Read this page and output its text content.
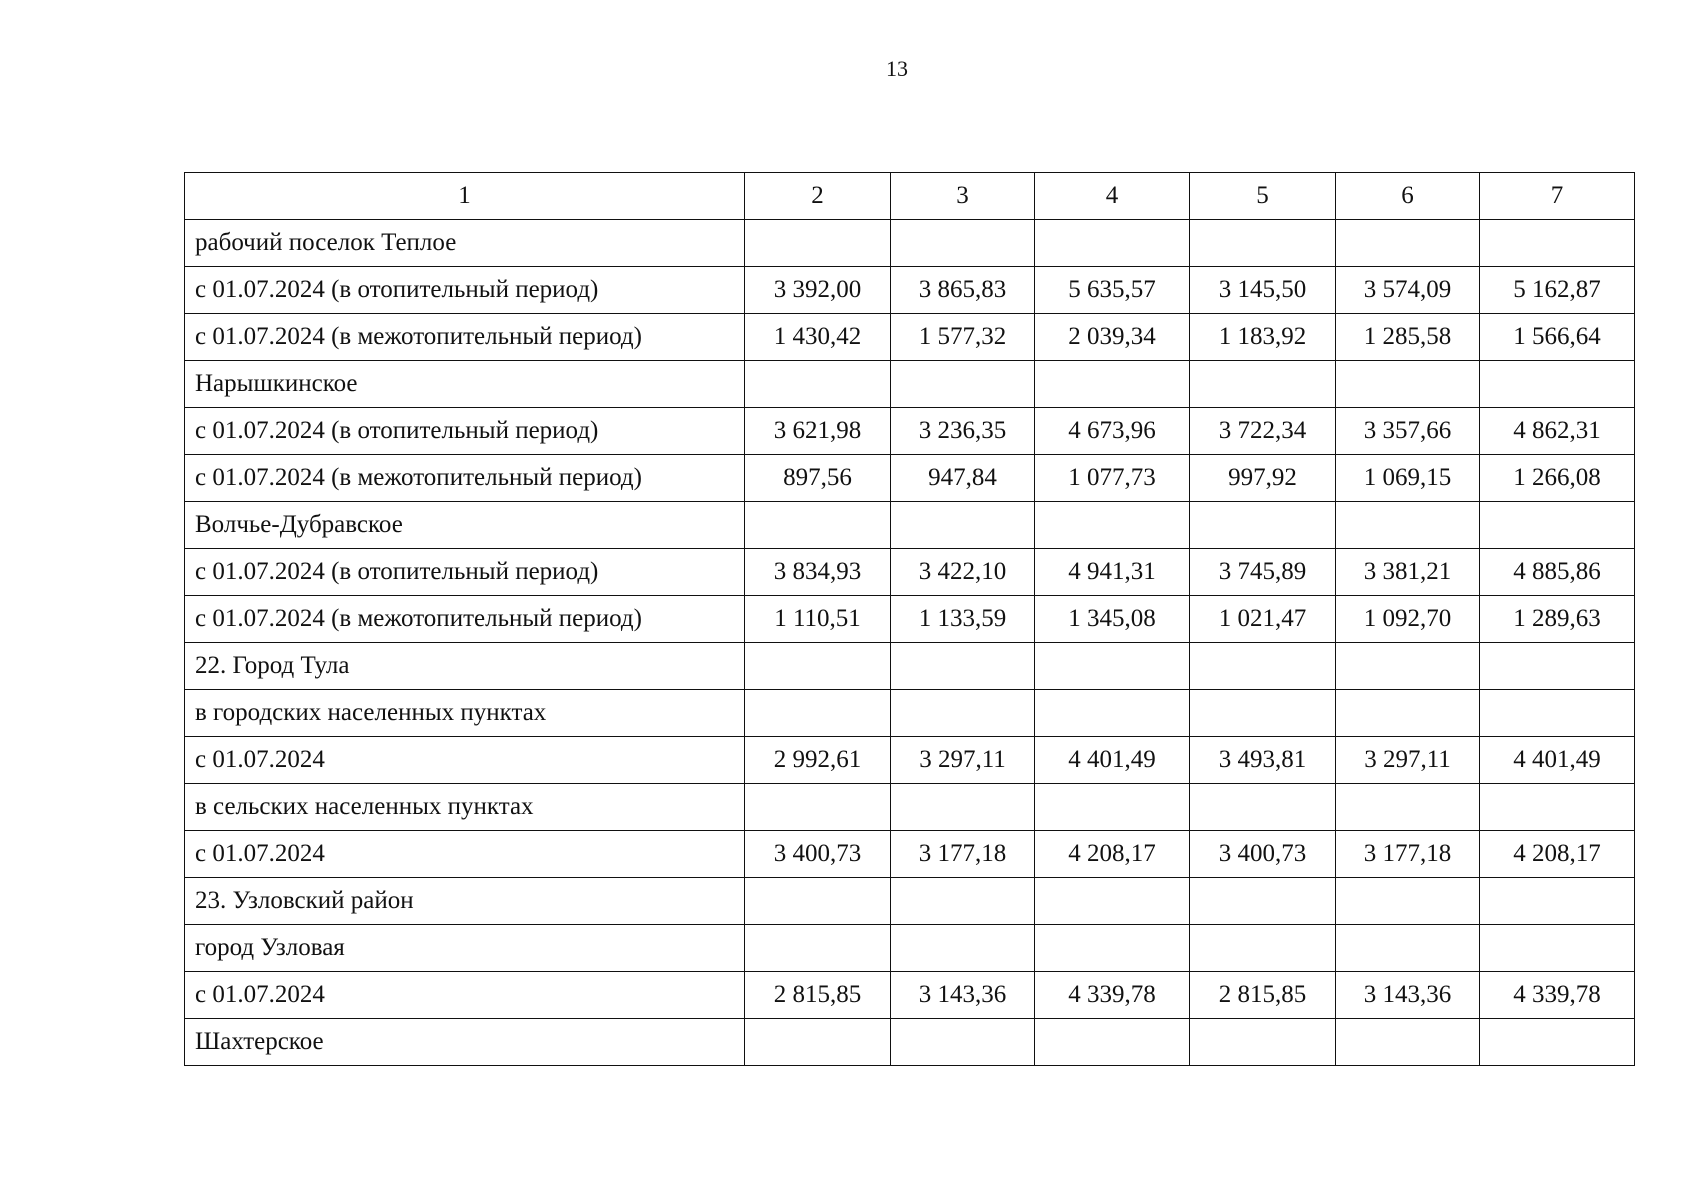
13
1	2	3	4	5	6	7
рабочий поселок Теплое						
с 01.07.2024 (в отопительный период)	3 392,00	3 865,83	5 635,57	3 145,50	3 574,09	5 162,87
с 01.07.2024 (в межотопительный период)	1 430,42	1 577,32	2 039,34	1 183,92	1 285,58	1 566,64
Нарышкинское						
с 01.07.2024 (в отопительный период)	3 621,98	3 236,35	4 673,96	3 722,34	3 357,66	4 862,31
с 01.07.2024 (в межотопительный период)	897,56	947,84	1 077,73	997,92	1 069,15	1 266,08
Волчье-Дубравское						
с 01.07.2024 (в отопительный период)	3 834,93	3 422,10	4 941,31	3 745,89	3 381,21	4 885,86
с 01.07.2024 (в межотопительный период)	1 110,51	1 133,59	1 345,08	1 021,47	1 092,70	1 289,63
22. Город Тула						
в городских населенных пунктах						
с 01.07.2024	2 992,61	3 297,11	4 401,49	3 493,81	3 297,11	4 401,49
в сельских населенных пунктах						
с 01.07.2024	3 400,73	3 177,18	4 208,17	3 400,73	3 177,18	4 208,17
23. Узловский район						
город Узловая						
с 01.07.2024	2 815,85	3 143,36	4 339,78	2 815,85	3 143,36	4 339,78
Шахтерское						
